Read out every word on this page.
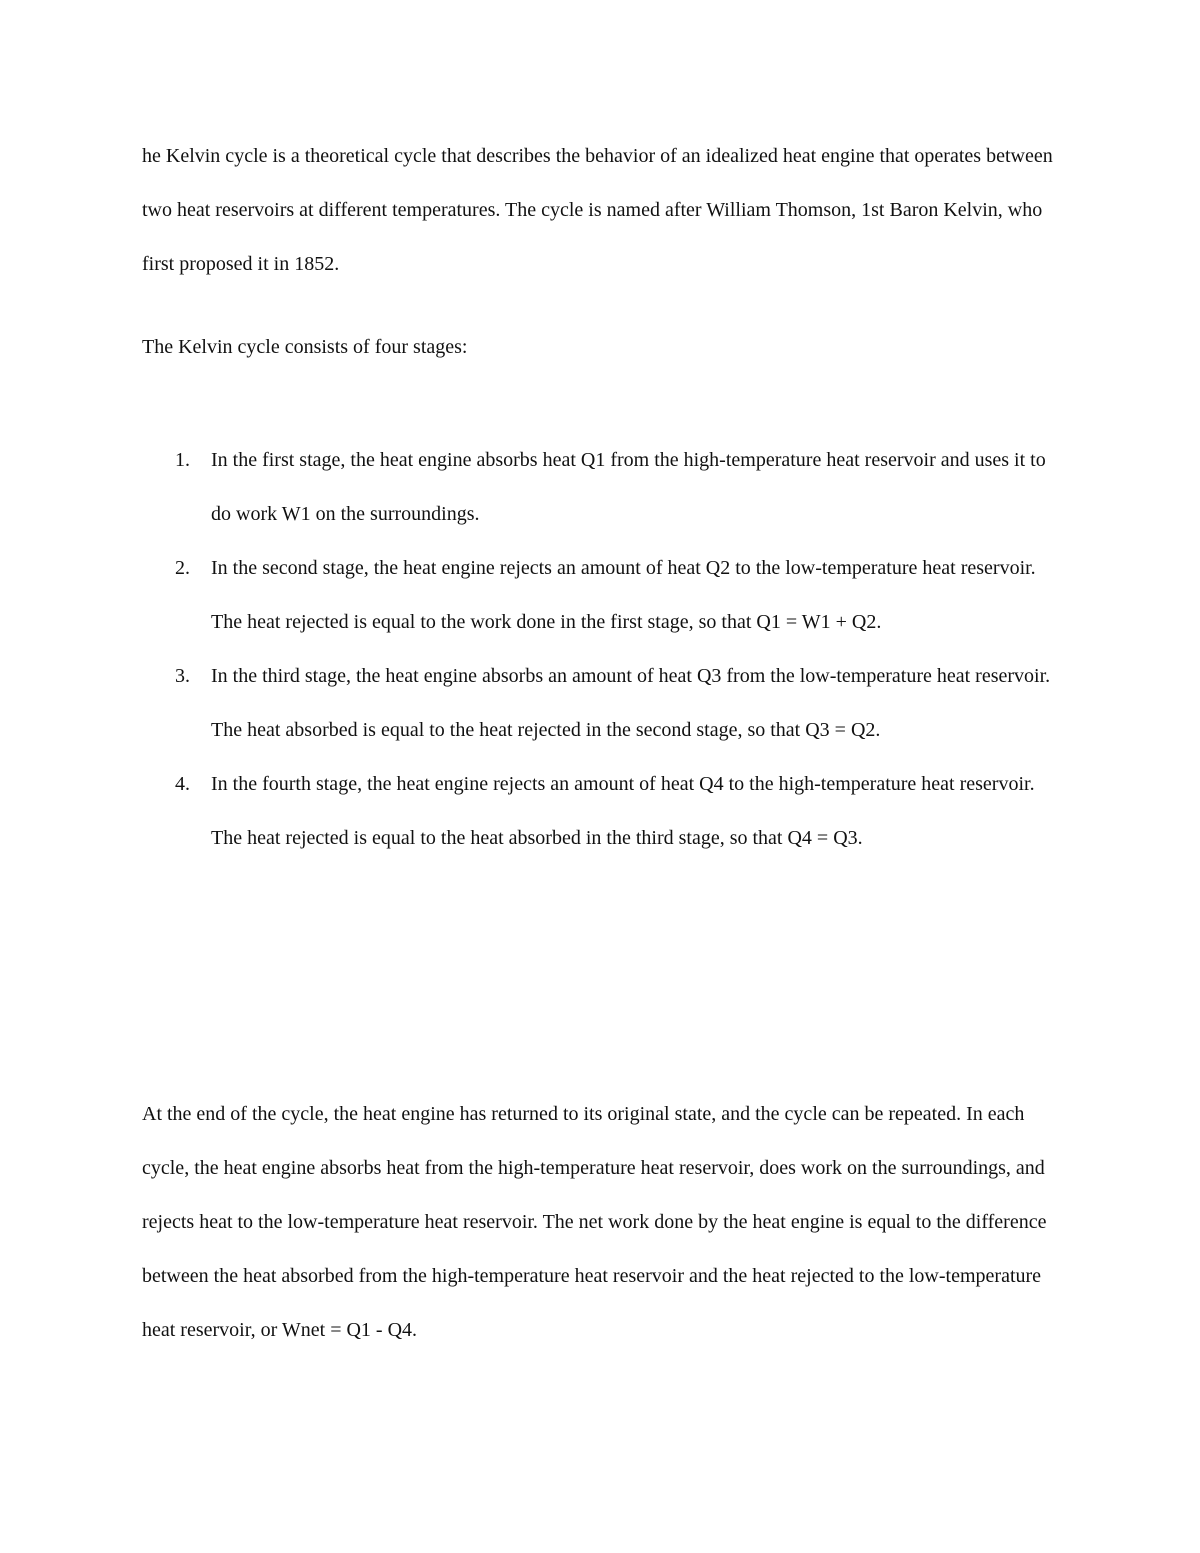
he Kelvin cycle is a theoretical cycle that describes the behavior of an idealized heat engine that operates between two heat reservoirs at different temperatures. The cycle is named after William Thomson, 1st Baron Kelvin, who first proposed it in 1852.

The Kelvin cycle consists of four stages:

1. In the first stage, the heat engine absorbs heat Q1 from the high-temperature heat reservoir and uses it to do work W1 on the surroundings.
2. In the second stage, the heat engine rejects an amount of heat Q2 to the low-temperature heat reservoir. The heat rejected is equal to the work done in the first stage, so that Q1 = W1 + Q2.
3. In the third stage, the heat engine absorbs an amount of heat Q3 from the low-temperature heat reservoir. The heat absorbed is equal to the heat rejected in the second stage, so that Q3 = Q2.
4. In the fourth stage, the heat engine rejects an amount of heat Q4 to the high-temperature heat reservoir. The heat rejected is equal to the heat absorbed in the third stage, so that Q4 = Q3.

At the end of the cycle, the heat engine has returned to its original state, and the cycle can be repeated. In each cycle, the heat engine absorbs heat from the high-temperature heat reservoir, does work on the surroundings, and rejects heat to the low-temperature heat reservoir. The net work done by the heat engine is equal to the difference between the heat absorbed from the high-temperature heat reservoir and the heat rejected to the low-temperature heat reservoir, or Wnet = Q1 - Q4.
